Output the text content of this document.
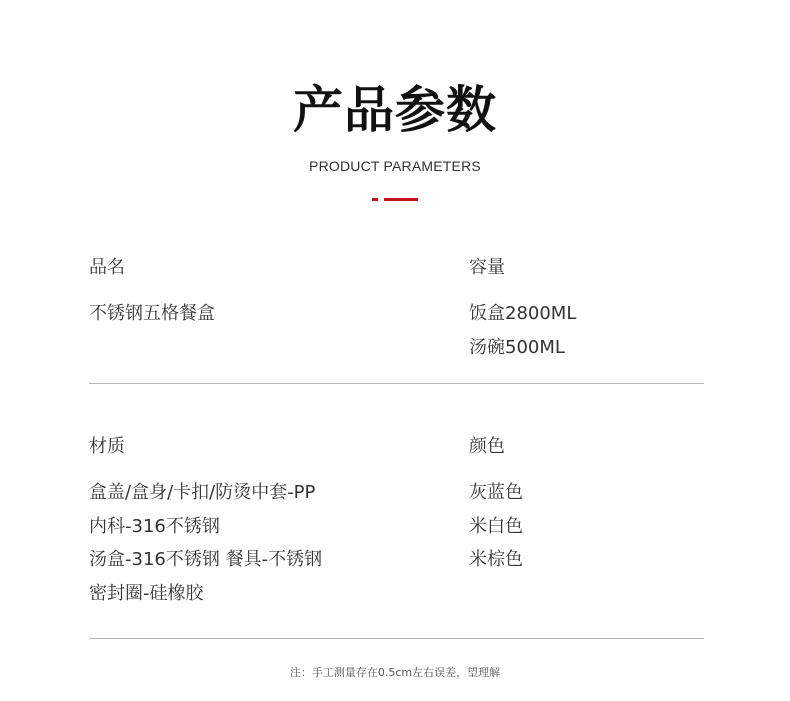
产品参数
PRODUCT PARAMETERS
品名
不锈钢五格餐盒
容量
饭盒2800ML
汤碗500ML
材质
盒盖/盒身/卡扣/防烫中套-PP
内科-316不锈钢
汤盒-316不锈钢 餐具-不锈钢
密封圈-硅橡胶
颜色
灰蓝色
米白色
米棕色
注：手工测量存在0.5cm左右误差，望理解
